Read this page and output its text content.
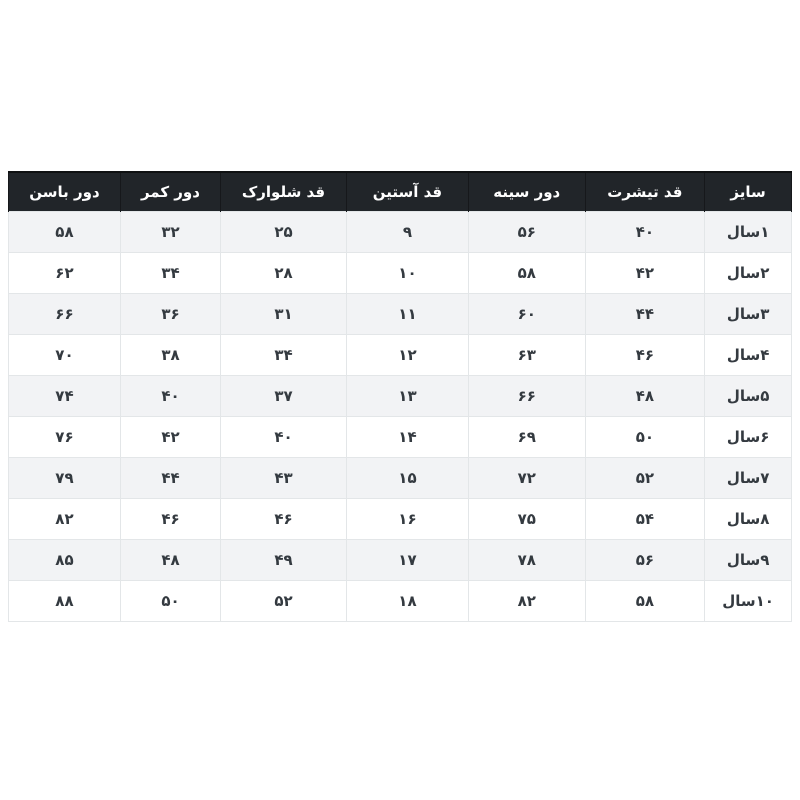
سایز	قد تیشرت	دور سینه	قد آستین	قد شلوارک	دور کمر	دور باسن
۱سال	۴۰	۵۶	۹	۲۵	۳۲	۵۸
۲سال	۴۲	۵۸	۱۰	۲۸	۳۴	۶۲
۳سال	۴۴	۶۰	۱۱	۳۱	۳۶	۶۶
۴سال	۴۶	۶۳	۱۲	۳۴	۳۸	۷۰
۵سال	۴۸	۶۶	۱۳	۳۷	۴۰	۷۴
۶سال	۵۰	۶۹	۱۴	۴۰	۴۲	۷۶
۷سال	۵۲	۷۲	۱۵	۴۳	۴۴	۷۹
۸سال	۵۴	۷۵	۱۶	۴۶	۴۶	۸۲
۹سال	۵۶	۷۸	۱۷	۴۹	۴۸	۸۵
۱۰سال	۵۸	۸۲	۱۸	۵۲	۵۰	۸۸
